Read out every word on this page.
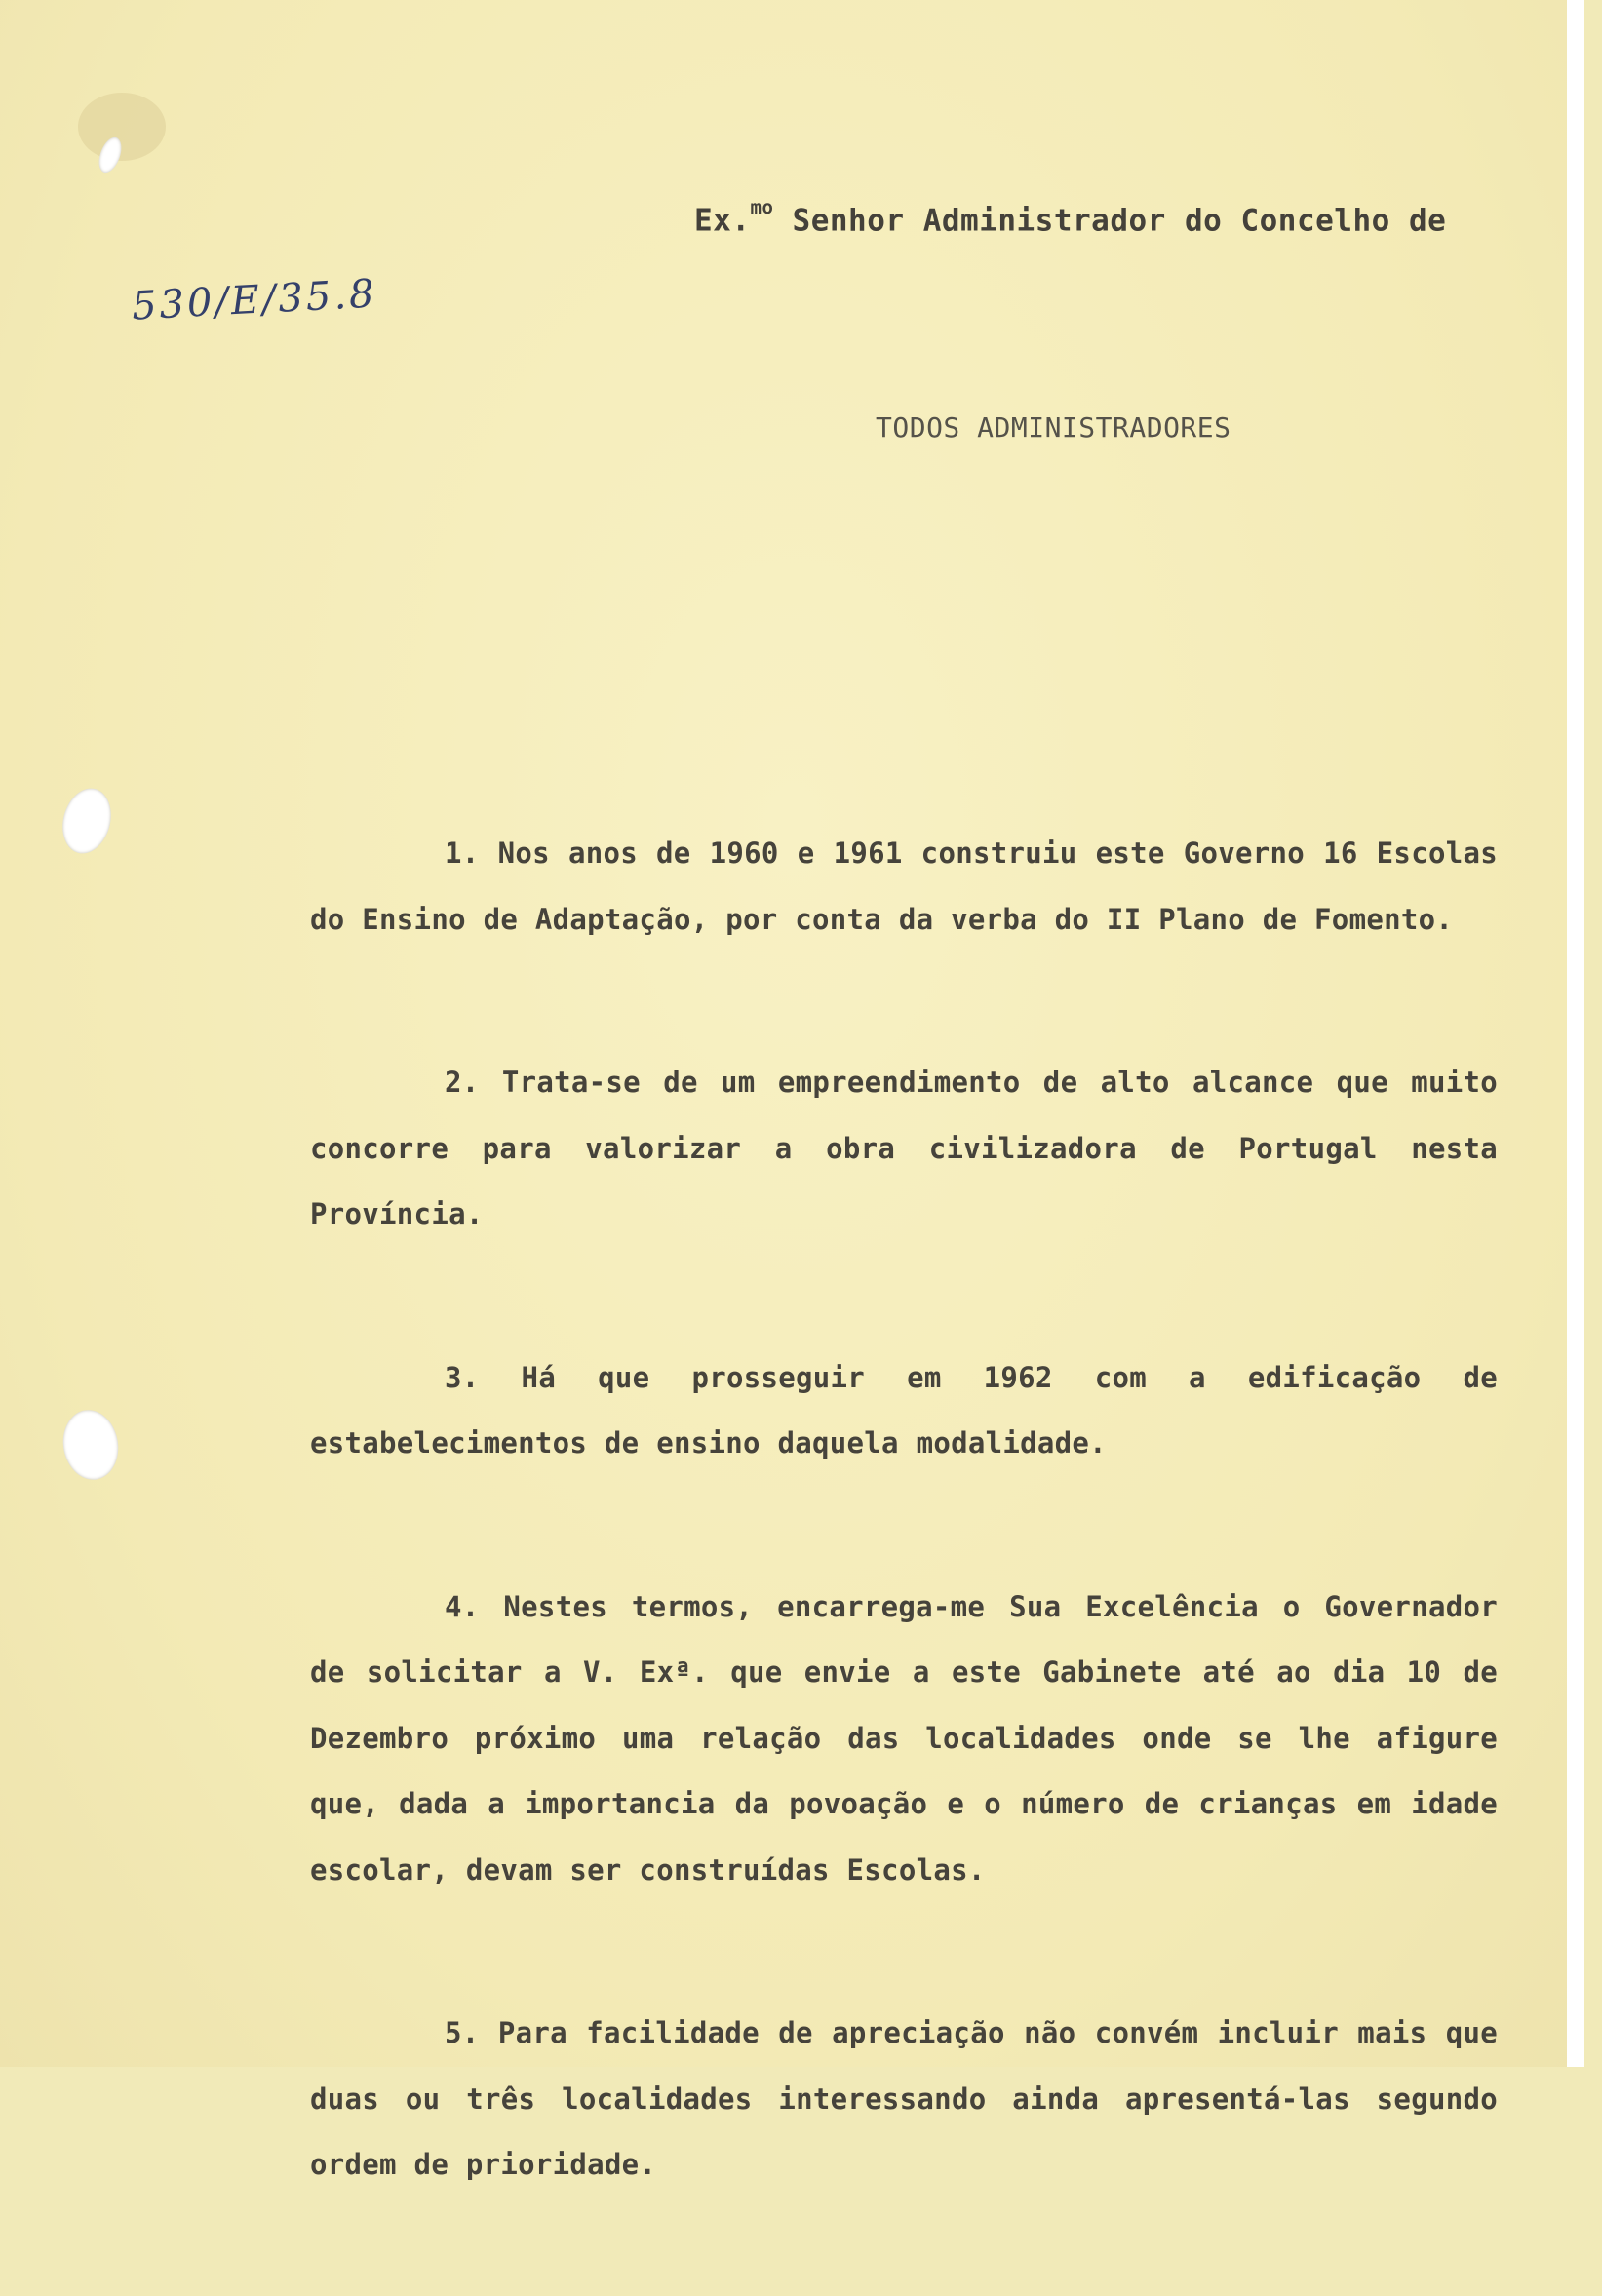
Ex.$^{mo}$ Senhor Administrador do Concelho de
530/E/35.8
TODOS ADMINISTRADORES

1. Nos anos de 1960 e 1961 construiu este Governo 16 Escolas do Ensino de Adaptação, por conta da verba do II Plano de Fomento.

2. Trata-se de um empreendimento de alto alcance que muito concorre para valorizar a obra civilizadora de Portugal nesta Província.

3. Há que prosseguir em 1962 com a edificação de estabelecimentos de ensino daquela modalidade.

4. Nestes termos, encarrega-me Sua Excelência o Governador de solicitar a V. Exª. que envie a este Gabinete até ao dia 10 de Dezembro próximo uma relação das localidades onde se lhe afigure que, dada a importancia da povoação e o número de crianças em idade escolar, devam ser construídas Escolas.

5. Para facilidade de apreciação não convém incluir mais que duas ou três localidades interessando ainda apresentá-las segundo ordem de prioridade.
